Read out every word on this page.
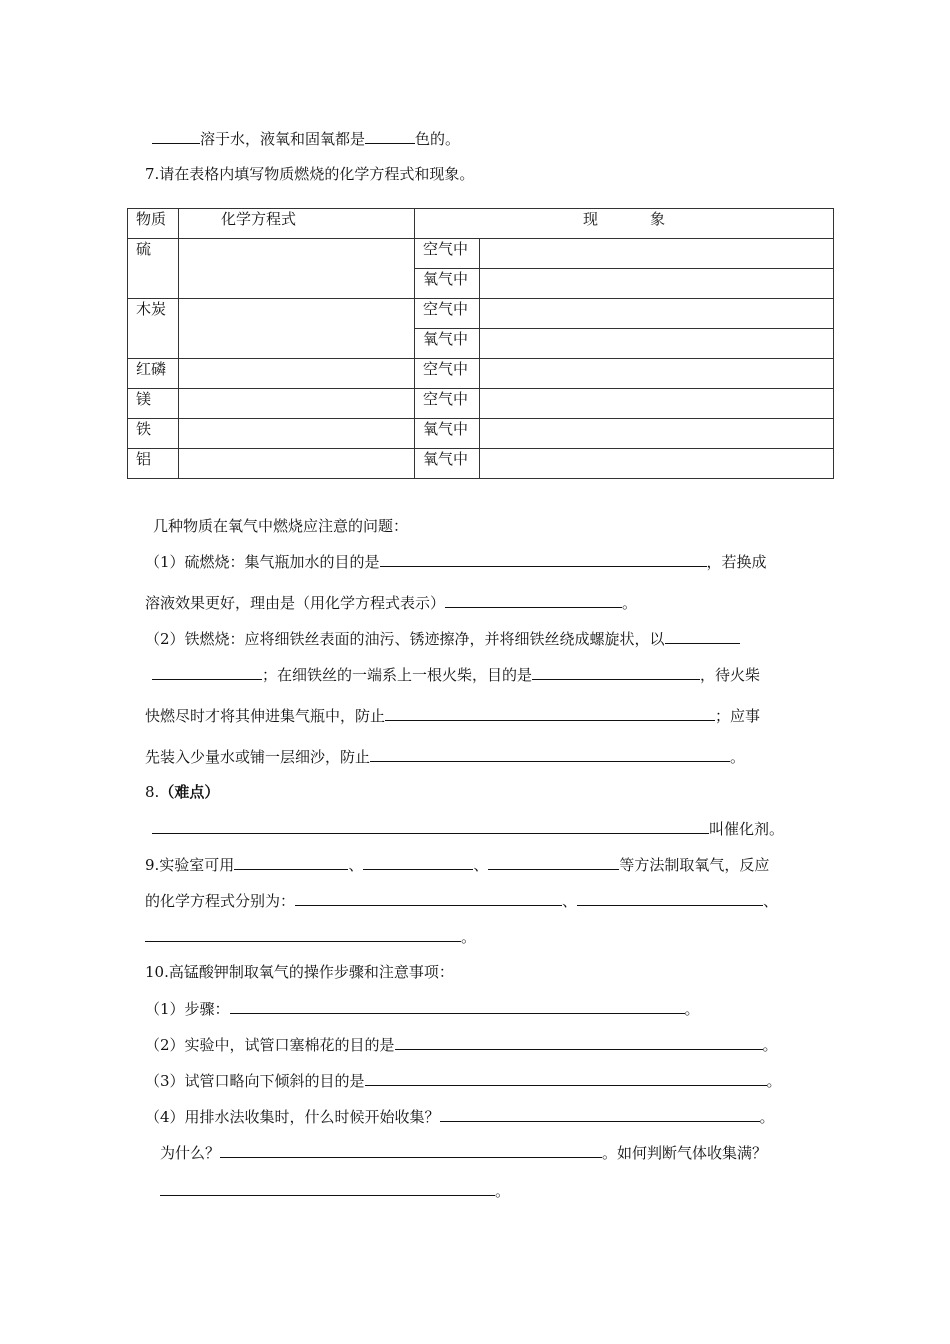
溶于水，液氧和固氧都是	色的。
7.请在表格内填写物质燃烧的化学方程式和现象。
物质	化学方程式	现 象	
硫		空气中	
		氧气中	
木炭		空气中	
		氧气中	
红磷		空气中	
镁		空气中	
铁		氧气中	
铝		氧气中	
几种物质在氧气中燃烧应注意的问题：
（1）硫燃烧：集气瓶加水的目的是	，若换成
溶液效果更好，理由是（用化学方程式表示）	。
（2）铁燃烧：应将细铁丝表面的油污、锈迹擦净，并将细铁丝绕成螺旋状，以
；在细铁丝的一端系上一根火柴，目的是	，待火柴
快燃尽时才将其伸进集气瓶中，防止	；应事
先装入少量水或铺一层细沙，防止	。
8.（难点）
叫催化剂。
9.实验室可用	、	、	等方法制取氧气，反应
的化学方程式分别为：	、	、
。
10.高锰酸钾制取氧气的操作步骤和注意事项：
（1）步骤：	。
（2）实验中，试管口塞棉花的目的是	。
（3）试管口略向下倾斜的目的是	。
（4）用排水法收集时，什么时候开始收集？	。
为什么？	。如何判断气体收集满？
。
